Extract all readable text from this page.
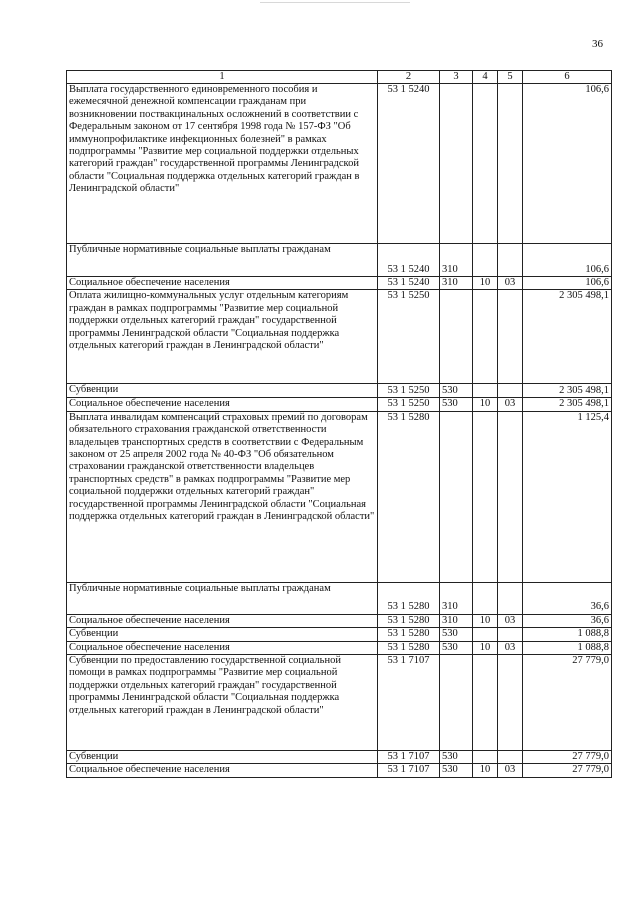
36
1	2	3	4	5	6
Выплата государственного единовременного пособия и ежемесячной денежной компенсации гражданам при возникновении поствакцинальных осложнений в соответствии с Федеральным законом от 17 сентября 1998 года № 157-ФЗ "Об иммунопрофилактике инфекционных болезней" в рамках подпрограммы "Развитие мер социальной поддержки отдельных категорий граждан" государственной программы Ленинградской области "Социальная поддержка отдельных категорий граждан в Ленинградской области"	53 1 5240				106,6
Публичные нормативные социальные выплаты гражданам	53 1 5240	310			106,6
Социальное обеспечение населения	53 1 5240	310	10	03	106,6
Оплата жилищно-коммунальных услуг отдельным категориям граждан в рамках подпрограммы "Развитие мер социальной поддержки отдельных категорий граждан" государственной программы Ленинградской области "Социальная поддержка отдельных категорий граждан в Ленинградской области"	53 1 5250				2 305 498,1
Субвенции	53 1 5250	530			2 305 498,1
Социальное обеспечение населения	53 1 5250	530	10	03	2 305 498,1
Выплата инвалидам компенсаций страховых премий по договорам обязательного страхования гражданской ответственности владельцев транспортных средств в соответствии с Федеральным законом от 25 апреля 2002 года № 40-ФЗ "Об обязательном страховании гражданской ответственности владельцев транспортных средств" в рамках подпрограммы "Развитие мер социальной поддержки отдельных категорий граждан" государственной программы Ленинградской области "Социальная поддержка отдельных категорий граждан в Ленинградской области"	53 1 5280				1 125,4
Публичные нормативные социальные выплаты гражданам	53 1 5280	310			36,6
Социальное обеспечение населения	53 1 5280	310	10	03	36,6
Субвенции	53 1 5280	530			1 088,8
Социальное обеспечение населения	53 1 5280	530	10	03	1 088,8
Субвенции по предоставлению государственной социальной помощи в рамках подпрограммы "Развитие мер социальной поддержки отдельных категорий граждан" государственной программы Ленинградской области "Социальная поддержка отдельных категорий граждан в Ленинградской области"	53 1 7107				27 779,0
Субвенции	53 1 7107	530			27 779,0
Социальное обеспечение населения	53 1 7107	530	10	03	27 779,0
